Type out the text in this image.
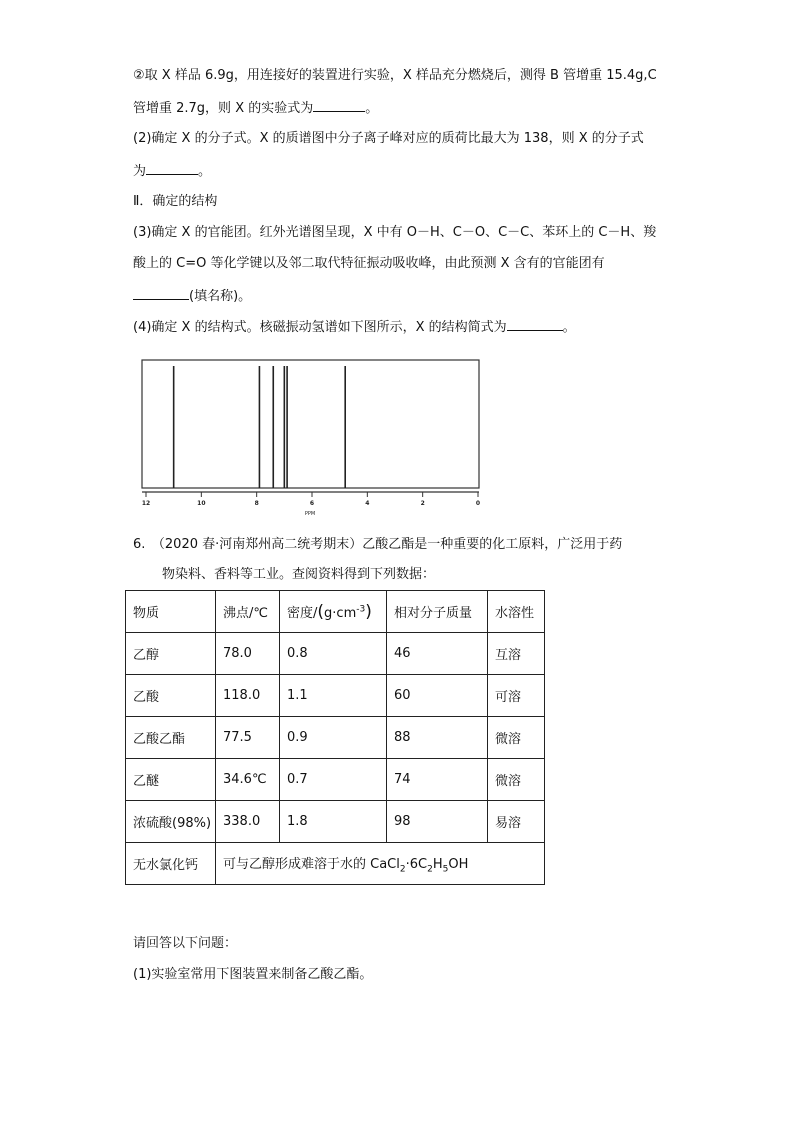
②取 X 样品 6.9g，用连接好的装置进行实验，X 样品充分燃烧后，测得 B 管增重 15.4g,C
管增重 2.7g，则 X 的实验式为	。
(2)确定 X 的分子式。X 的质谱图中分子离子峰对应的质荷比最大为 138，则 X 的分子式
为	。
Ⅱ．确定的结构
(3)确定 X 的官能团。红外光谱图呈现，X 中有 O－H、C－O、C－C、苯环上的 C－H、羧
酸上的 C=O 等化学键以及邻二取代特征振动吸收峰，由此预测 X 含有的官能团有
(填名称)。
(4)确定 X 的结构式。核磁振动氢谱如下图所示，X 的结构简式为	。
12	10	8	6	4	2	0
PPM
6.　（2020 春·河南郑州高二统考期末）乙酸乙酯是一种重要的化工原料，广泛用于药
物染料、香料等工业。查阅资料得到下列数据：
物质	沸点/℃	密度$/(g\cdot cm^{-3})$	相对分子质量	水溶性
乙醇	78.0	0.8	46	互溶
乙酸	118.0	1.1	60	可溶
乙酸乙酯	77.5	0.9	88	微溶
乙醚	34.6℃	0.7	74	微溶
浓硫酸(98%)	338.0	1.8	98	易溶
无水氯化钙	可与乙醇形成难溶于水的 $CaCl_2\cdot 6C_2H_5OH$			
请回答以下问题：
(1)实验室常用下图装置来制备乙酸乙酯。
